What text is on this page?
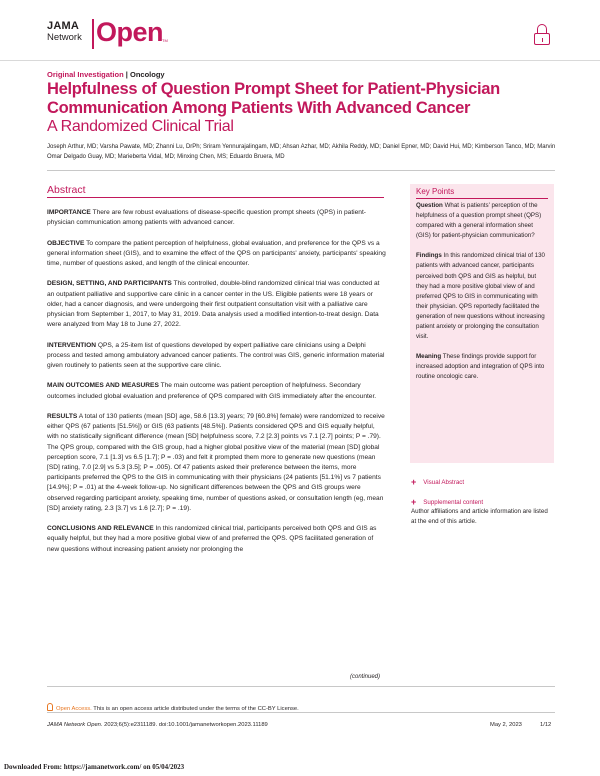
JAMA
Network Open
TM
Original Investigation | Oncology
Helpfulness of Question Prompt Sheet for Patient-Physician Communication Among Patients With Advanced Cancer
A Randomized Clinical Trial
Joseph Arthur, MD; Varsha Pawate, MD; Zhanni Lu, DrPh; Sriram Yennurajalingam, MD; Ahsan Azhar, MD; Akhila Reddy, MD; Daniel Epner, MD; David Hui, MD; Kimberson Tanco, MD; Marvin Omar Delgado Guay, MD; Marieberta Vidal, MD; Minxing Chen, MS; Eduardo Bruera, MD
Abstract

IMPORTANCE There are few robust evaluations of disease-specific question prompt sheets (QPS) in patient-physician communication among patients with advanced cancer.

OBJECTIVE To compare the patient perception of helpfulness, global evaluation, and preference for the QPS vs a general information sheet (GIS), and to examine the effect of the QPS on participants' anxiety, participants' speaking time, number of questions asked, and length of the clinical encounter.

DESIGN, SETTING, AND PARTICIPANTS This controlled, double-blind randomized clinical trial was conducted at an outpatient palliative and supportive care clinic in a cancer center in the US. Eligible patients were 18 years or older, had a cancer diagnosis, and were undergoing their first outpatient consultation visit with a palliative care physician from September 1, 2017, to May 31, 2019. Data analysis used a modified intention-to-treat design. Data were analyzed from May 18 to June 27, 2022.

INTERVENTION QPS, a 25-item list of questions developed by expert palliative care clinicians using a Delphi process and tested among ambulatory advanced cancer patients. The control was GIS, generic information material given routinely to patients seen at the supportive care clinic.

MAIN OUTCOMES AND MEASURES The main outcome was patient perception of helpfulness. Secondary outcomes included global evaluation and preference of QPS compared with GIS immediately after the encounter.

RESULTS A total of 130 patients (mean [SD] age, 58.6 [13.3] years; 79 [60.8%] female) were randomized to receive either QPS (67 patients [51.5%]) or GIS (63 patients [48.5%]). Patients considered QPS and GIS equally helpful, with no statistically significant difference (mean [SD] helpfulness score, 7.2 [2.3] points vs 7.1 [2.7] points; P = .79). The QPS group, compared with the GIS group, had a higher global positive view of the material (mean [SD] global perception score, 7.1 [1.3] vs 6.5 [1.7]; P = .03) and felt it prompted them more to generate new questions (mean [SD] rating, 7.0 [2.9] vs 5.3 [3.5]; P = .005). Of 47 patients asked their preference between the items, more participants preferred the QPS to the GIS in communicating with their physicians (24 patients [51.1%] vs 7 patients [14.9%]; P = .01) at the 4-week follow-up. No significant differences between the QPS and GIS groups were observed regarding participant anxiety, speaking time, number of questions asked, or consultation length (eg, mean [SD] anxiety rating, 2.3 [3.7] vs 1.6 [2.7]; P = .19).

CONCLUSIONS AND RELEVANCE In this randomized clinical trial, participants perceived both QPS and GIS as equally helpful, but they had a more positive global view of and preferred the QPS. QPS facilitated generation of new questions without increasing patient anxiety nor prolonging the

(continued)
Key Points

Question What is patients' perception of the helpfulness of a question prompt sheet (QPS) compared with a general information sheet (GIS) for patient-physician communication?

Findings In this randomized clinical trial of 130 patients with advanced cancer, participants perceived both QPS and GIS as helpful, but they had a more positive global view of and preferred QPS to GIS in communicating with their physician. QPS reportedly facilitated the generation of new questions without increasing patient anxiety or prolonging the consultation visit.

Meaning These findings provide support for increased adoption and integration of QPS into routine oncologic care.

+ Visual Abstract
+ Supplemental content
Author affiliations and article information are listed at the end of this article.
Open Access. This is an open access article distributed under the terms of the CC-BY License.
JAMA Network Open. 2023;6(5):e2311189. doi:10.1001/jamanetworkopen.2023.11189	May 2, 2023	1/12
Downloaded From: https://jamanetwork.com/ on 05/04/2023
